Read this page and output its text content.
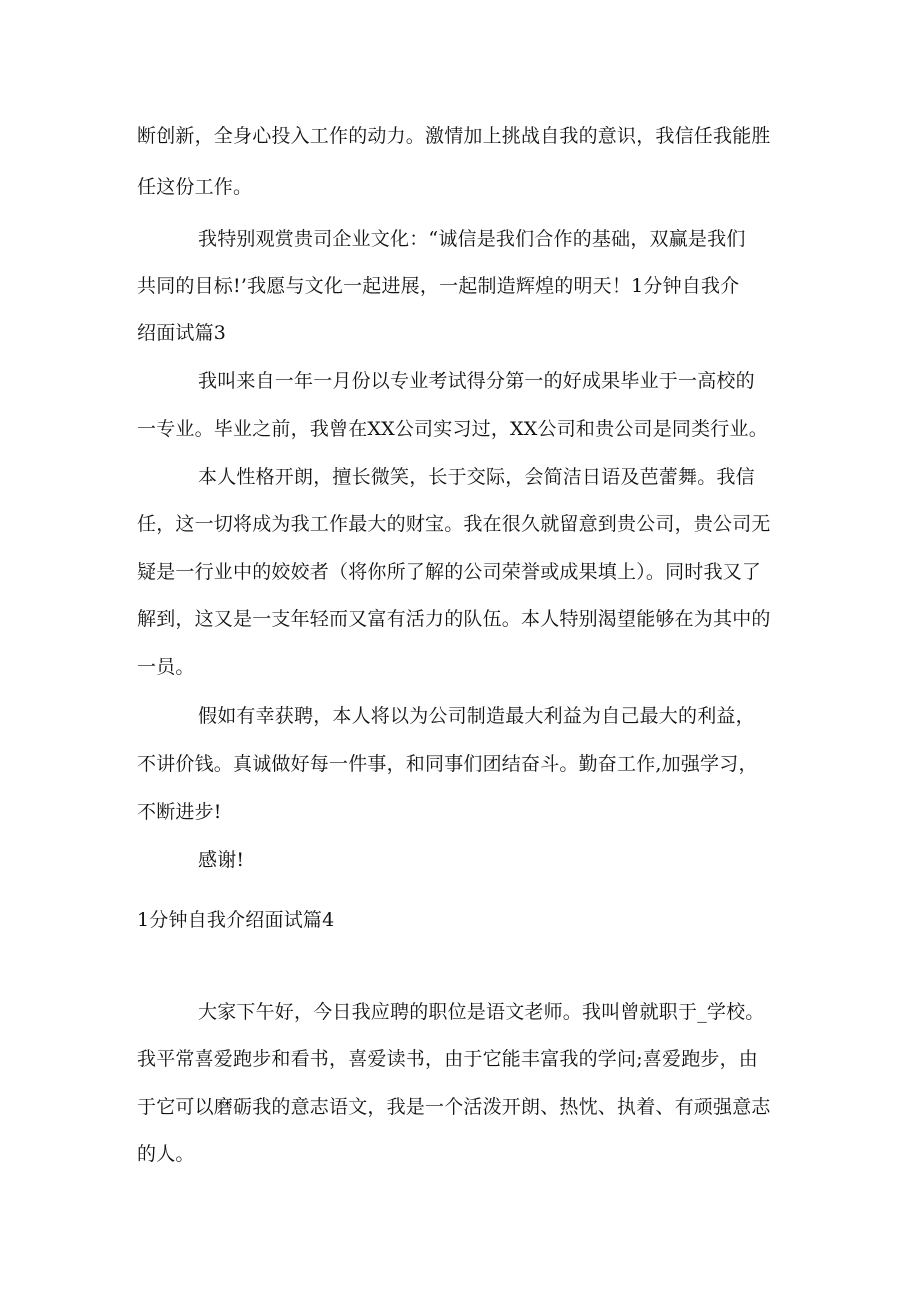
断创新，全身心投入工作的动力。激情加上挑战自我的意识，我信任我能胜
任这份工作。
我特别观赏贵司企业文化：“诚信是我们合作的基础，双赢是我们
共同的目标!’我愿与文化一起进展，一起制造辉煌的明天！1分钟自我介
绍面试篇3
我叫来自一年一月份以专业考试得分第一的好成果毕业于一高校的
一专业。毕业之前，我曾在XX公司实习过，XX公司和贵公司是同类行业。
本人性格开朗，擅长微笑，长于交际，会简洁日语及芭蕾舞。我信
任，这一切将成为我工作最大的财宝。我在很久就留意到贵公司，贵公司无
疑是一行业中的姣姣者（将你所了解的公司荣誉或成果填上）。同时我又了
解到，这又是一支年轻而又富有活力的队伍。本人特别渴望能够在为其中的
一员。
假如有幸获聘，本人将以为公司制造最大利益为自己最大的利益，
不讲价钱。真诚做好每一件事，和同事们团结奋斗。勤奋工作,加强学习，
不断进步!
感谢!
1分钟自我介绍面试篇4
大家下午好，今日我应聘的职位是语文老师。我叫曾就职于_学校。
我平常喜爱跑步和看书，喜爱读书，由于它能丰富我的学问;喜爱跑步，由
于它可以磨砺我的意志语文，我是一个活泼开朗、热忱、执着、有顽强意志
的人。
